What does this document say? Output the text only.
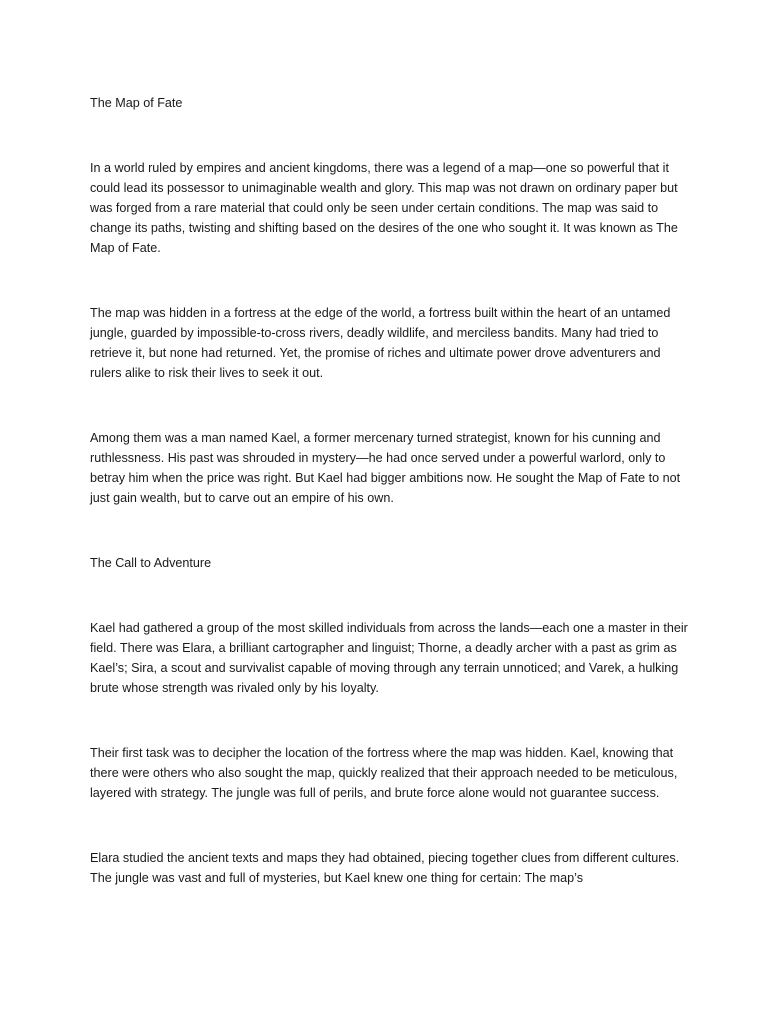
The Map of Fate

In a world ruled by empires and ancient kingdoms, there was a legend of a map—one so powerful that it could lead its possessor to unimaginable wealth and glory. This map was not drawn on ordinary paper but was forged from a rare material that could only be seen under certain conditions. The map was said to change its paths, twisting and shifting based on the desires of the one who sought it. It was known as The Map of Fate.

The map was hidden in a fortress at the edge of the world, a fortress built within the heart of an untamed jungle, guarded by impossible-to-cross rivers, deadly wildlife, and merciless bandits. Many had tried to retrieve it, but none had returned. Yet, the promise of riches and ultimate power drove adventurers and rulers alike to risk their lives to seek it out.

Among them was a man named Kael, a former mercenary turned strategist, known for his cunning and ruthlessness. His past was shrouded in mystery—he had once served under a powerful warlord, only to betray him when the price was right. But Kael had bigger ambitions now. He sought the Map of Fate to not just gain wealth, but to carve out an empire of his own.

The Call to Adventure

Kael had gathered a group of the most skilled individuals from across the lands—each one a master in their field. There was Elara, a brilliant cartographer and linguist; Thorne, a deadly archer with a past as grim as Kael’s; Sira, a scout and survivalist capable of moving through any terrain unnoticed; and Varek, a hulking brute whose strength was rivaled only by his loyalty.

Their first task was to decipher the location of the fortress where the map was hidden. Kael, knowing that there were others who also sought the map, quickly realized that their approach needed to be meticulous, layered with strategy. The jungle was full of perils, and brute force alone would not guarantee success.

Elara studied the ancient texts and maps they had obtained, piecing together clues from different cultures. The jungle was vast and full of mysteries, but Kael knew one thing for certain: The map’s
